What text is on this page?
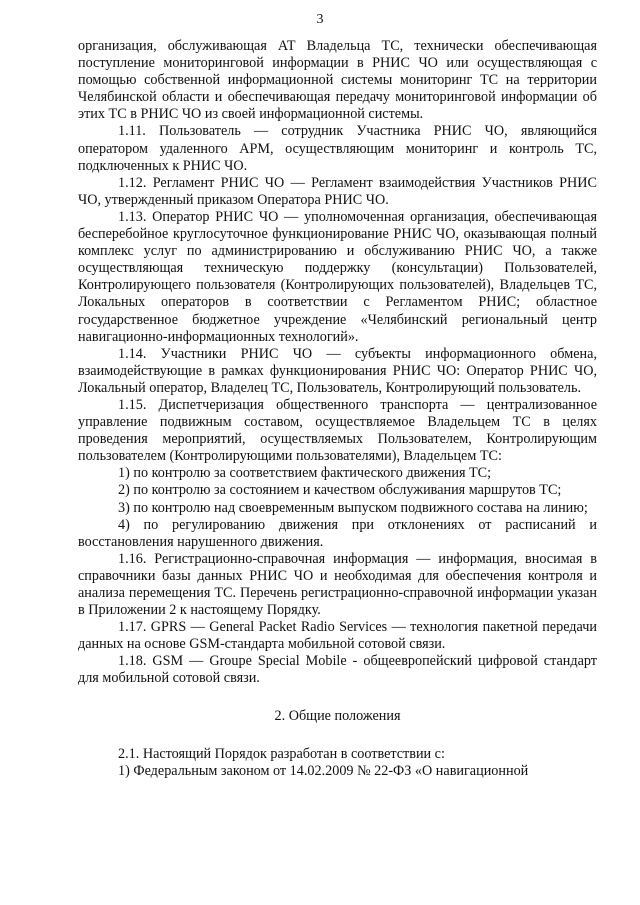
3

организация, обслуживающая АТ Владельца ТС, технически обеспечивающая поступление мониторинговой информации в РНИС ЧО или осуществляющая с помощью собственной информационной системы мониторинг ТС на территории Челябинской области и обеспечивающая передачу мониторинговой информации об этих ТС в РНИС ЧО из своей информационной системы.

1.11. Пользователь — сотрудник Участника РНИС ЧО, являющийся оператором удаленного АРМ, осуществляющим мониторинг и контроль ТС, подключенных к РНИС ЧО.

1.12. Регламент РНИС ЧО — Регламент взаимодействия Участников РНИС ЧО, утвержденный приказом Оператора РНИС ЧО.

1.13. Оператор РНИС ЧО — уполномоченная организация, обеспечивающая бесперебойное круглосуточное функционирование РНИС ЧО, оказывающая полный комплекс услуг по администрированию и обслуживанию РНИС ЧО, а также осуществляющая техническую поддержку (консультации) Пользователей, Контролирующего пользователя (Контролирующих пользователей), Владельцев ТС, Локальных операторов в соответствии с Регламентом РНИС; областное государственное бюджетное учреждение «Челябинский региональный центр навигационно-информационных технологий».

1.14. Участники РНИС ЧО — субъекты информационного обмена, взаимодействующие в рамках функционирования РНИС ЧО: Оператор РНИС ЧО, Локальный оператор, Владелец ТС, Пользователь, Контролирующий пользователь.

1.15. Диспетчеризация общественного транспорта — централизованное управление подвижным составом, осуществляемое Владельцем ТС в целях проведения мероприятий, осуществляемых Пользователем, Контролирующим пользователем (Контролирующими пользователями), Владельцем ТС:

1) по контролю за соответствием фактического движения ТС;

2) по контролю за состоянием и качеством обслуживания маршрутов ТС;

3) по контролю над своевременным выпуском подвижного состава на линию;

4) по регулированию движения при отклонениях от расписаний и восстановления нарушенного движения.

1.16. Регистрационно-справочная информация — информация, вносимая в справочники базы данных РНИС ЧО и необходимая для обеспечения контроля и анализа перемещения ТС. Перечень регистрационно-справочной информации указан в Приложении 2 к настоящему Порядку.

1.17. GPRS — General Packet Radio Services — технология пакетной передачи данных на основе GSM-стандарта мобильной сотовой связи.

1.18. GSM — Groupe Special Mobile - общеевропейский цифровой стандарт для мобильной сотовой связи.

2. Общие положения

2.1. Настоящий Порядок разработан в соответствии с:

1) Федеральным законом от 14.02.2009 № 22-ФЗ «О навигационной
